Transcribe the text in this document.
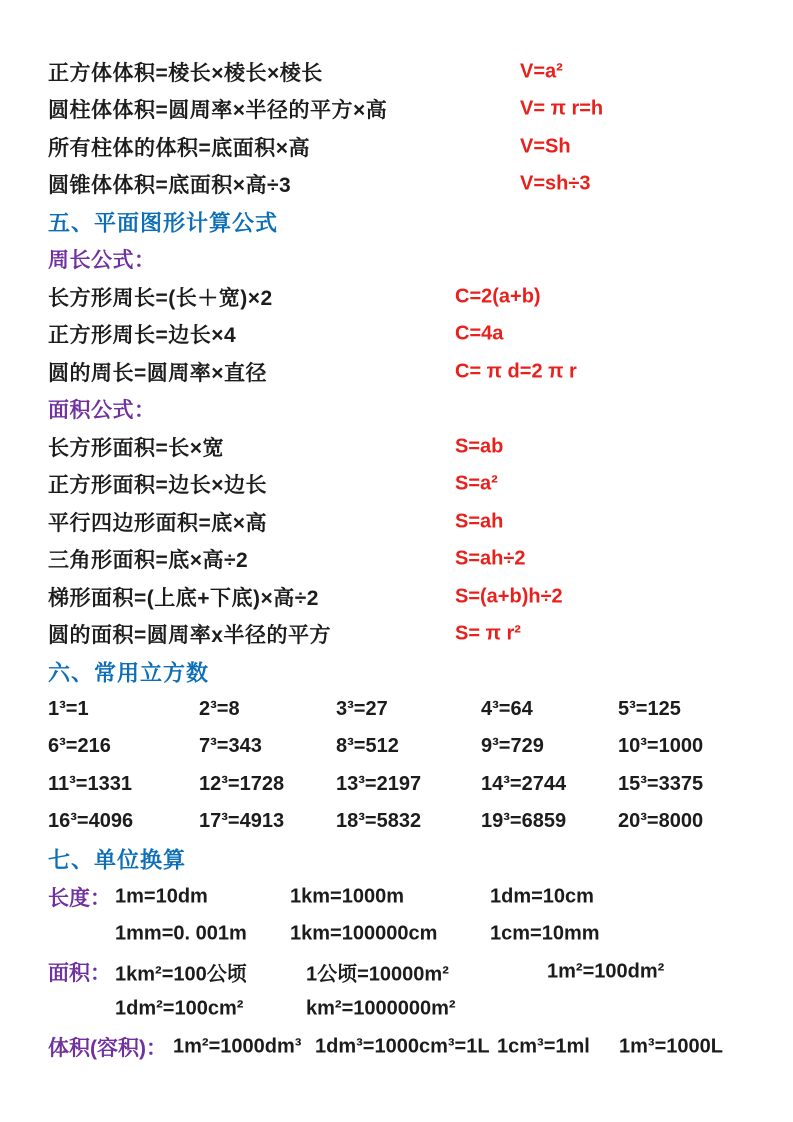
正方体体积=棱长×棱长×棱长	V=a²
圆柱体体积=圆周率×半径的平方×高	V= π r=h
所有柱体的体积=底面积×高	V=Sh
圆锥体体积=底面积×高÷3	V=sh÷3
五、平面图形计算公式
周长公式：
长方形周长=(长＋宽)×2	C=2(a+b)
正方形周长=边长×4	C=4a
圆的周长=圆周率×直径	C= π d=2 π r
面积公式：
长方形面积=长×宽	S=ab
正方形面积=边长×边长	S=a²
平行四边形面积=底×高	S=ah
三角形面积=底×高÷2	S=ah÷2
梯形面积=(上底+下底)×高÷2	S=(a+b)h÷2
圆的面积=圆周率x半径的平方	S= π r²
六、常用立方数
1³=1	2³=8	3³=27	4³=64	5³=125
6³=216	7³=343	8³=512	9³=729	10³=1000
11³=1331	12³=1728	13³=2197	14³=2744	15³=3375
16³=4096	17³=4913	18³=5832	19³=6859	20³=8000
七、单位换算
长度： 1m=10dm	1km=1000m	1dm=10cm
1mm=0. 001m 1km=100000cm	1cm=10mm
面积： 1km²=100公顷	1公顷=10000m²	1m²=100dm²
1dm²=100cm²	km²=1000000m²
体积(容积)： 1m²=1000dm³ 1dm³=1000cm³=1L 1cm³=1ml 1m³=1000L
